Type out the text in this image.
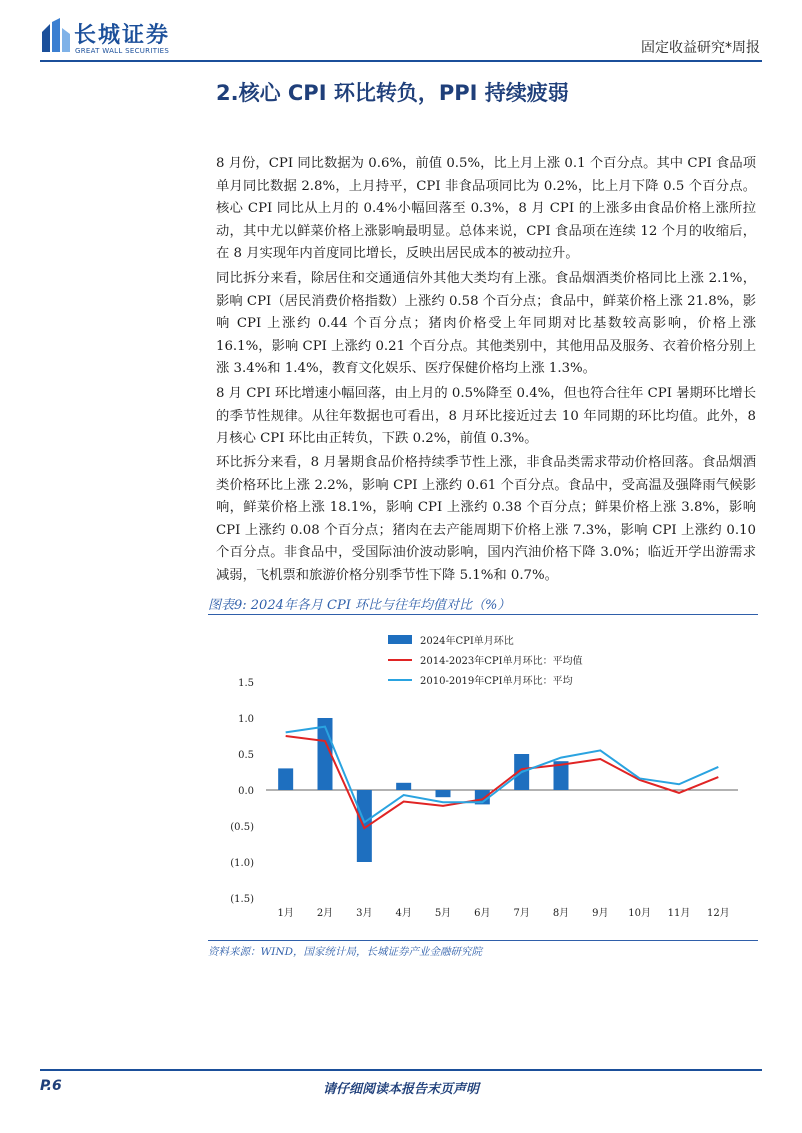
长城证券
GREAT WALL SECURITIES	固定收益研究*周报
2.核心 CPI 环比转负，PPI 持续疲弱

8 月份，CPI 同比数据为 0.6%，前值 0.5%，比上月上涨 0.1 个百分点。其中 CPI 食品项单月同比数据 2.8%，上月持平，CPI 非食品项同比为 0.2%，比上月下降 0.5 个百分点。核心 CPI 同比从上月的 0.4%小幅回落至 0.3%，8 月 CPI 的上涨多由食品价格上涨所拉动，其中尤以鲜菜价格上涨影响最明显。总体来说，CPI 食品项在连续 12 个月的收缩后，在 8 月实现年内首度同比增长，反映出居民成本的被动拉升。

同比拆分来看，除居住和交通通信外其他大类均有上涨。食品烟酒类价格同比上涨 2.1%，影响 CPI（居民消费价格指数）上涨约 0.58 个百分点；食品中，鲜菜价格上涨 21.8%，影响 CPI 上涨约 0.44 个百分点；猪肉价格受上年同期对比基数较高影响，价格上涨 16.1%，影响 CPI 上涨约 0.21 个百分点。其他类别中，其他用品及服务、衣着价格分别上涨 3.4%和 1.4%，教育文化娱乐、医疗保健价格均上涨 1.3%。

8 月 CPI 环比增速小幅回落，由上月的 0.5%降至 0.4%，但也符合往年 CPI 暑期环比增长的季节性规律。从往年数据也可看出，8 月环比接近过去 10 年同期的环比均值。此外，8 月核心 CPI 环比由正转负，下跌 0.2%，前值 0.3%。

环比拆分来看，8 月暑期食品价格持续季节性上涨，非食品类需求带动价格回落。食品烟酒类价格环比上涨 2.2%，影响 CPI 上涨约 0.61 个百分点。食品中，受高温及强降雨气候影响，鲜菜价格上涨 18.1%，影响 CPI 上涨约 0.38 个百分点；鲜果价格上涨 3.8%，影响 CPI 上涨约 0.08 个百分点；猪肉在去产能周期下价格上涨 7.3%，影响 CPI 上涨约 0.10 个百分点。非食品中，受国际油价波动影响，国内汽油价格下降 3.0%；临近开学出游需求减弱，飞机票和旅游价格分别季节性下降 5.1%和 0.7%。

图表9: 2024年各月 CPI 环比与往年均值对比（%）
2024年CPI单月环比
2014-2023年CPI单月环比：平均值
2010-2019年CPI单月环比：平均
1.5
1.0
0.5
0.0
(0.5)
(1.0)
(1.5)
1月 2月 3月 4月 5月 6月 7月 8月 9月 10月 11月 12月
资料来源：WIND，国家统计局，长城证券产业金融研究院
P.6	请仔细阅读本报告末页声明
